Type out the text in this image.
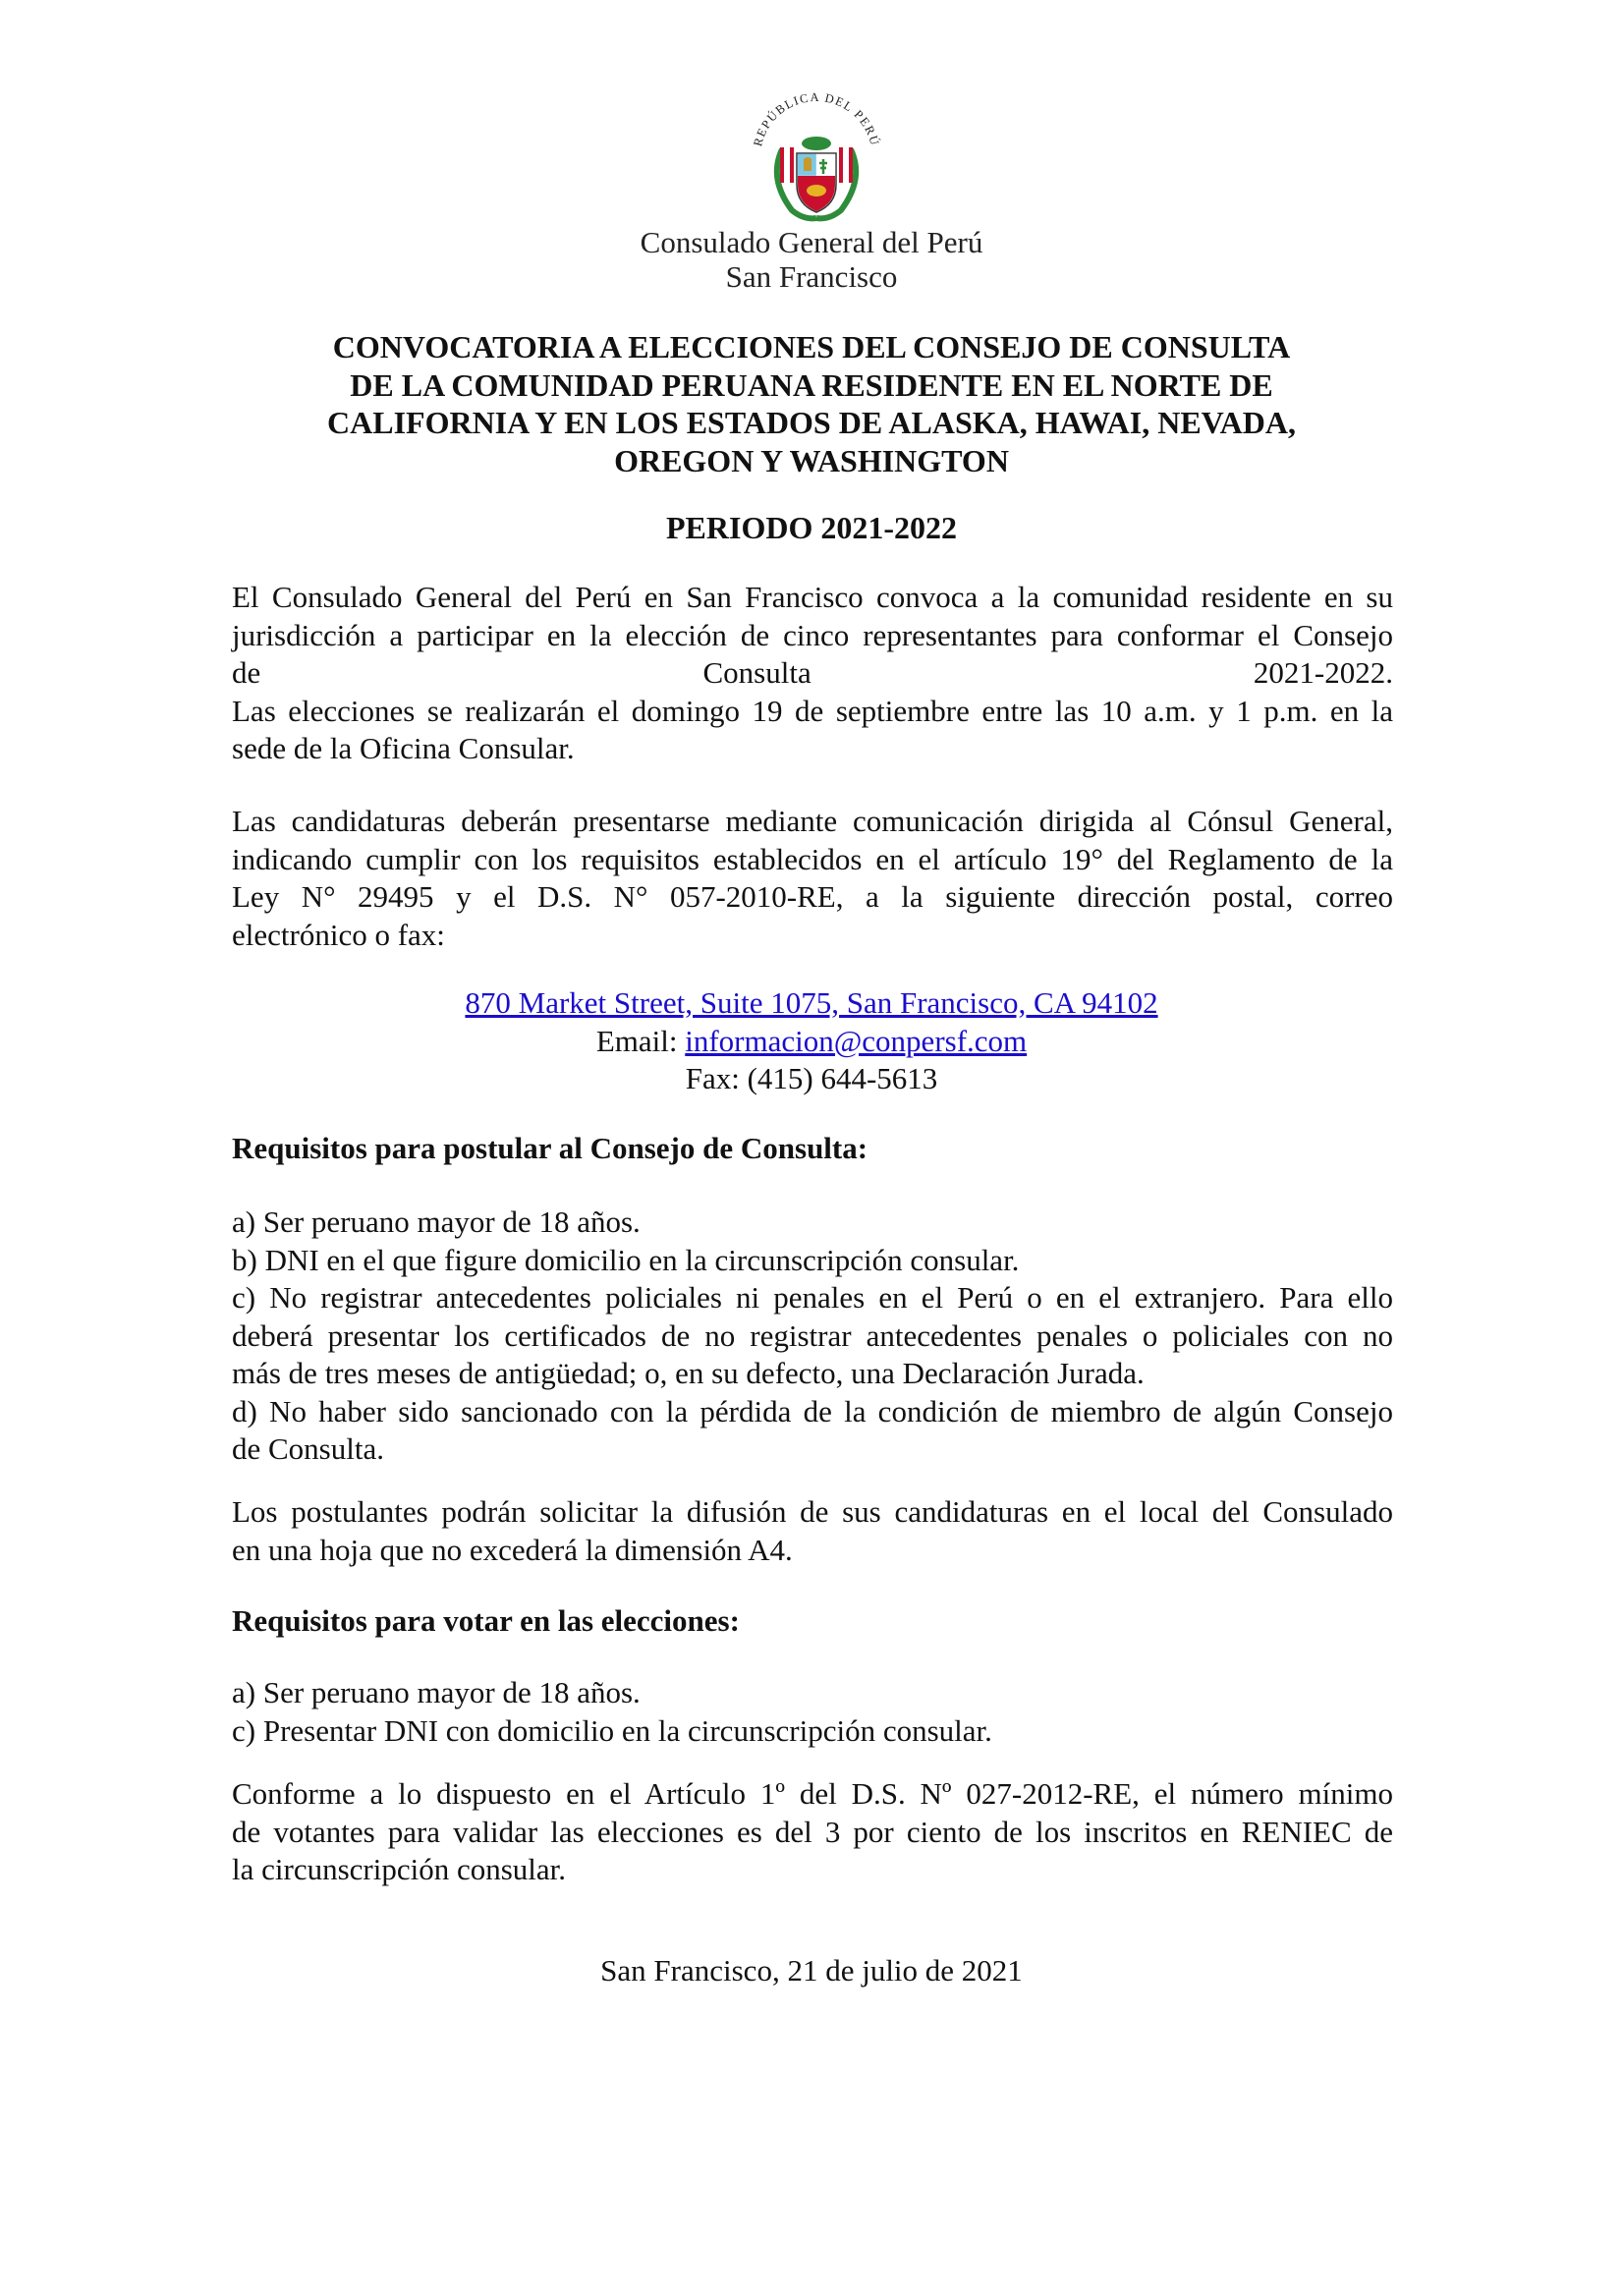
REPÚBLICA DEL PERÚ
Consulado General del Perú
San Francisco
CONVOCATORIA A ELECCIONES DEL CONSEJO DE CONSULTA
DE LA COMUNIDAD PERUANA RESIDENTE EN EL NORTE DE
CALIFORNIA Y EN LOS ESTADOS DE ALASKA, HAWAI, NEVADA,
OREGON Y WASHINGTON
PERIODO 2021-2022
El Consulado General del Perú en San Francisco convoca a la comunidad residente en su
jurisdicción a participar en la elección de cinco representantes para conformar el Consejo
de Consulta 2021-2022.
Las elecciones se realizarán el domingo 19 de septiembre entre las 10 a.m. y 1 p.m. en la
sede de la Oficina Consular.
Las candidaturas deberán presentarse mediante comunicación dirigida al Cónsul General,
indicando cumplir con los requisitos establecidos en el artículo 19° del Reglamento de la
Ley N° 29495 y el D.S. N° 057-2010-RE, a la siguiente dirección postal, correo
electrónico o fax:
870 Market Street, Suite 1075, San Francisco, CA 94102
Email: informacion@conpersf.com
Fax: (415) 644-5613
Requisitos para postular al Consejo de Consulta:
a) Ser peruano mayor de 18 años.
b) DNI en el que figure domicilio en la circunscripción consular.
c) No registrar antecedentes policiales ni penales en el Perú o en el extranjero. Para ello
deberá presentar los certificados de no registrar antecedentes penales o policiales con no
más de tres meses de antigüedad; o, en su defecto, una Declaración Jurada.
d) No haber sido sancionado con la pérdida de la condición de miembro de algún Consejo
de Consulta.
Los postulantes podrán solicitar la difusión de sus candidaturas en el local del Consulado
en una hoja que no excederá la dimensión A4.
Requisitos para votar en las elecciones:
a) Ser peruano mayor de 18 años.
c) Presentar DNI con domicilio en la circunscripción consular.
Conforme a lo dispuesto en el Artículo 1º del D.S. Nº 027-2012-RE, el número mínimo
de votantes para validar las elecciones es del 3 por ciento de los inscritos en RENIEC de
la circunscripción consular.
San Francisco, 21 de julio de 2021
